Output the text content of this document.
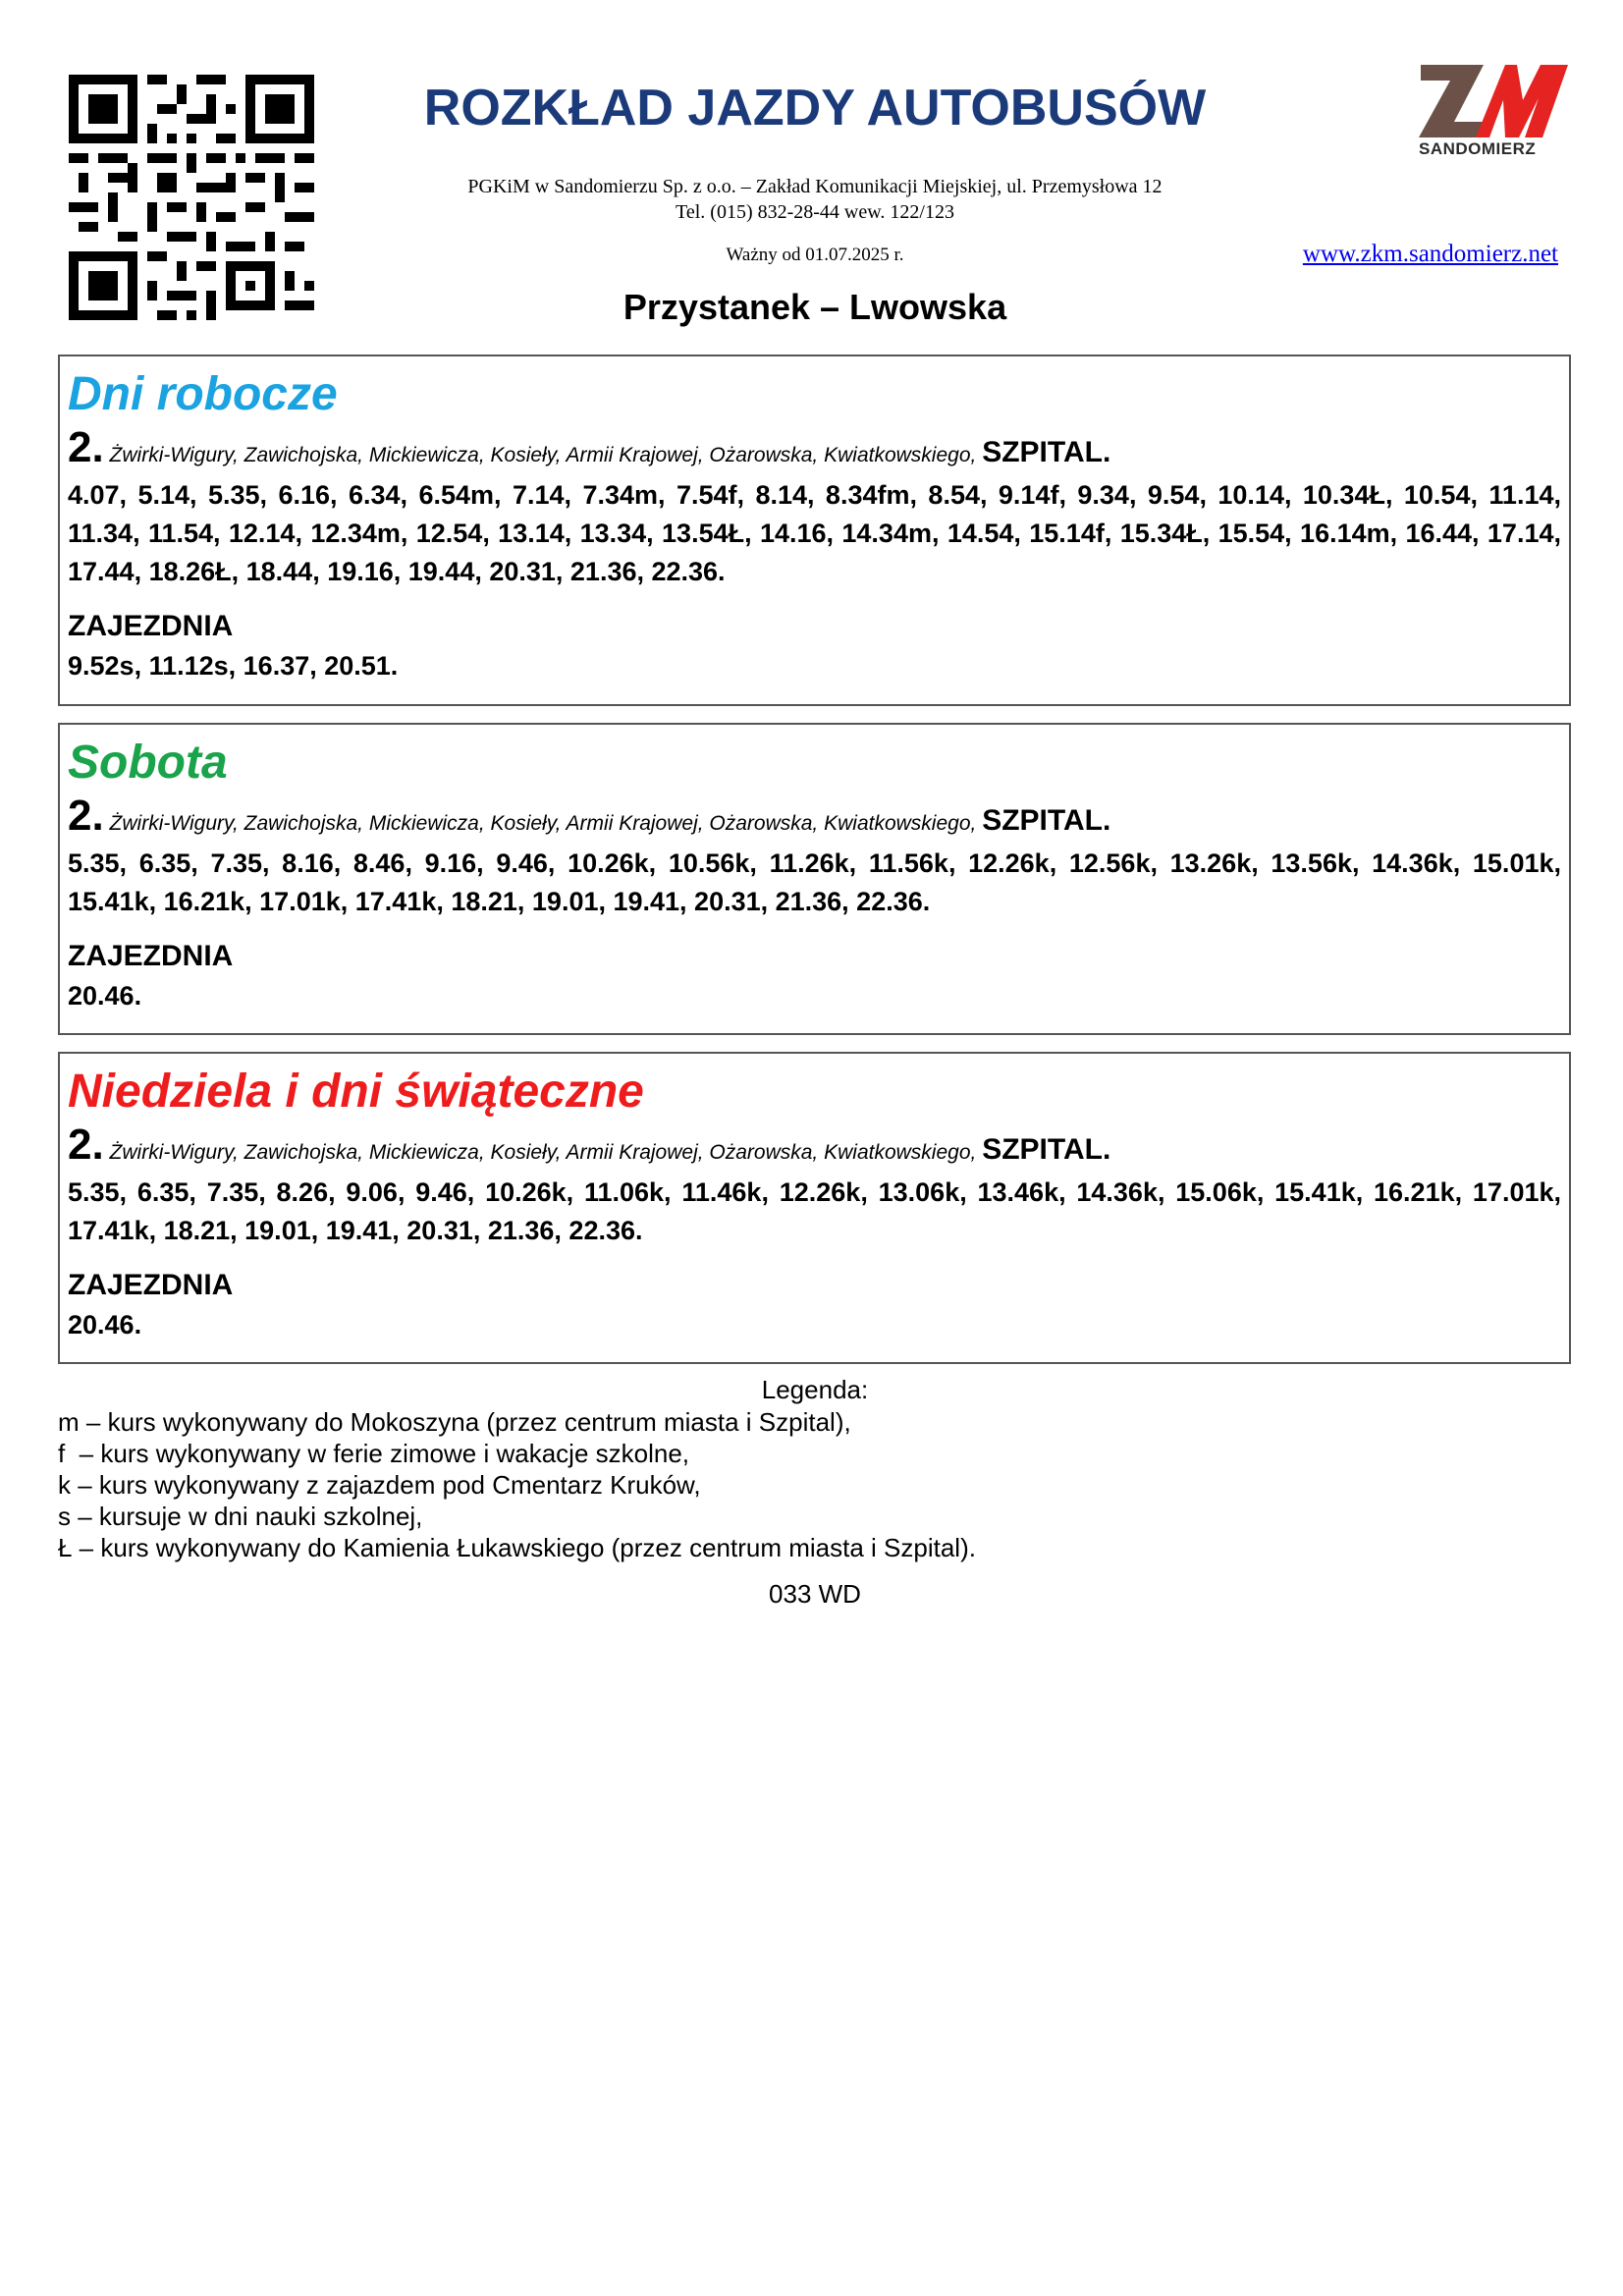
SANDOMIERZ
ROZKŁAD JAZDY AUTOBUSÓW
PGKiM w Sandomierzu Sp. z o.o. – Zakład Komunikacji Miejskiej, ul. Przemysłowa 12
Tel. (015) 832-28-44 wew. 122/123
Ważny od 01.07.2025 r.	www.zkm.sandomierz.net
Przystanek – Lwowska
Dni robocze
2. Żwirki-Wigury, Zawichojska, Mickiewicza, Kosieły, Armii Krajowej, Ożarowska, Kwiatkowskiego, SZPITAL.
4.07, 5.14, 5.35, 6.16, 6.34, 6.54m, 7.14, 7.34m, 7.54f, 8.14, 8.34fm, 8.54, 9.14f, 9.34, 9.54, 10.14, 10.34Ł, 10.54, 11.14, 11.34, 11.54, 12.14, 12.34m, 12.54, 13.14, 13.34, 13.54Ł, 14.16, 14.34m, 14.54, 15.14f, 15.34Ł, 15.54, 16.14m, 16.44, 17.14, 17.44, 18.26Ł, 18.44, 19.16, 19.44, 20.31, 21.36, 22.36.
ZAJEZDNIA
9.52s, 11.12s, 16.37, 20.51.
Sobota
2. Żwirki-Wigury, Zawichojska, Mickiewicza, Kosieły, Armii Krajowej, Ożarowska, Kwiatkowskiego, SZPITAL.
5.35, 6.35, 7.35, 8.16, 8.46, 9.16, 9.46, 10.26k, 10.56k, 11.26k, 11.56k, 12.26k, 12.56k, 13.26k, 13.56k, 14.36k, 15.01k, 15.41k, 16.21k, 17.01k, 17.41k, 18.21, 19.01, 19.41, 20.31, 21.36, 22.36.
ZAJEZDNIA
20.46.
Niedziela i dni świąteczne
2. Żwirki-Wigury, Zawichojska, Mickiewicza, Kosieły, Armii Krajowej, Ożarowska, Kwiatkowskiego, SZPITAL.
5.35, 6.35, 7.35, 8.26, 9.06, 9.46, 10.26k, 11.06k, 11.46k, 12.26k, 13.06k, 13.46k, 14.36k, 15.06k, 15.41k, 16.21k, 17.01k, 17.41k, 18.21, 19.01, 19.41, 20.31, 21.36, 22.36.
ZAJEZDNIA
20.46.
Legenda:
m – kurs wykonywany do Mokoszyna (przez centrum miasta i Szpital),
f  – kurs wykonywany w ferie zimowe i wakacje szkolne,
k – kurs wykonywany z zajazdem pod Cmentarz Kruków,
s – kursuje w dni nauki szkolnej,
Ł – kurs wykonywany do Kamienia Łukawskiego (przez centrum miasta i Szpital).
033 WD
